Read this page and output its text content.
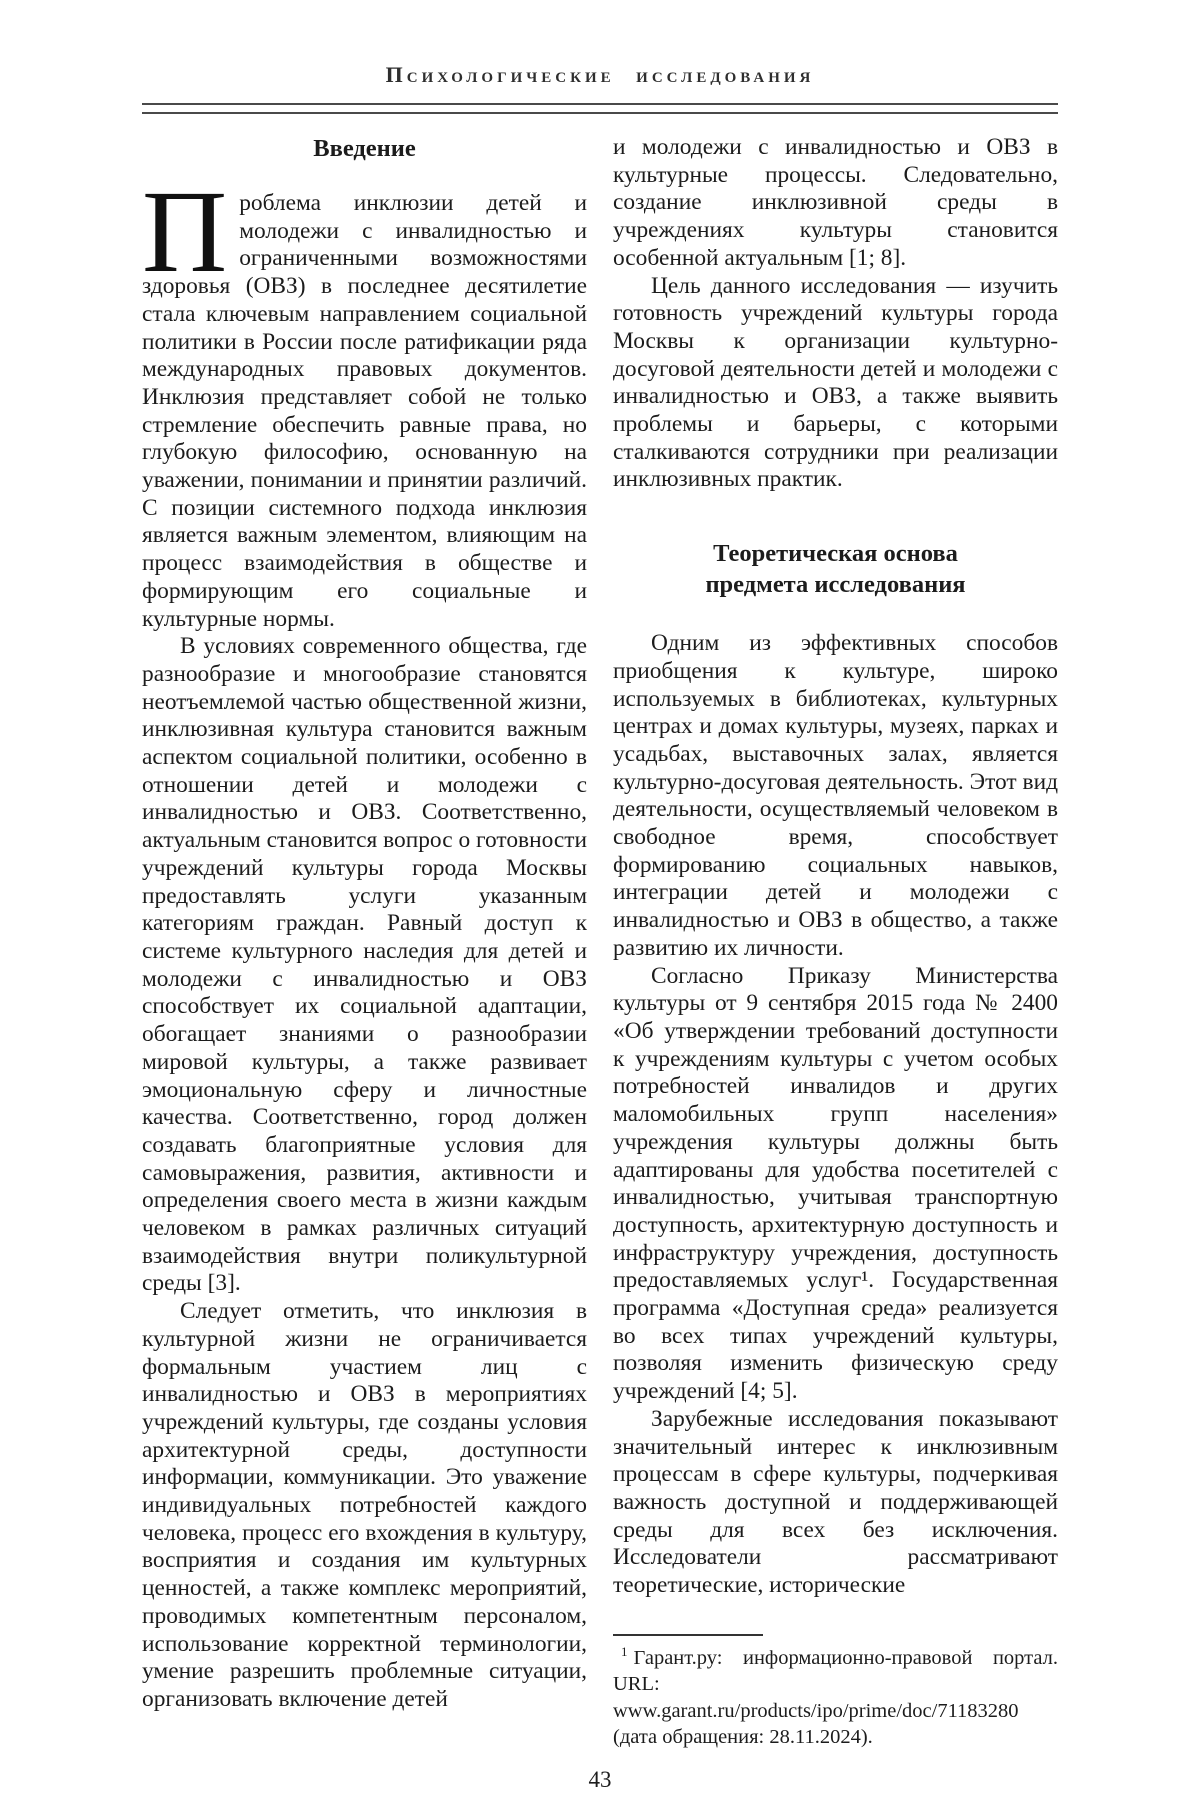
Психологические исследования
Введение

Проблема инклюзии детей и молодежи с инвалидностью и ограниченными возможностями здоровья (ОВЗ) в последнее десятилетие стала ключевым направлением социальной политики в России после ратификации ряда международных правовых документов. Инклюзия представляет собой не только стремление обеспечить равные права, но глубокую философию, основанную на уважении, понимании и принятии различий. С позиции системного подхода инклюзия является важным элементом, влияющим на процесс взаимодействия в обществе и формирующим его социальные и культурные нормы.

В условиях современного общества, где разнообразие и многообразие становятся неотъемлемой частью общественной жизни, инклюзивная культура становится важным аспектом социальной политики, особенно в отношении детей и молодежи с инвалидностью и ОВЗ. Соответственно, актуальным становится вопрос о готовности учреждений культуры города Москвы предоставлять услуги указанным категориям граждан. Равный доступ к системе культурного наследия для детей и молодежи с инвалидностью и ОВЗ способствует их социальной адаптации, обогащает знаниями о разнообразии мировой культуры, а также развивает эмоциональную сферу и личностные качества. Соответственно, город должен создавать благоприятные условия для самовыражения, развития, активности и определения своего места в жизни каждым человеком в рамках различных ситуаций взаимодействия внутри поликультурной среды [3].

Следует отметить, что инклюзия в культурной жизни не ограничивается формальным участием лиц с инвалидностью и ОВЗ в мероприятиях учреждений культуры, где созданы условия архитектурной среды, доступности информации, коммуникации. Это уважение индивидуальных потребностей каждого человека, процесс его вхождения в культуру, восприятия и создания им культурных ценностей, а также комплекс мероприятий, проводимых компетентным персоналом, использование корректной терминологии, умение разрешить проблемные ситуации, организовать включение детей

и молодежи с инвалидностью и ОВЗ в культурные процессы. Следовательно, создание инклюзивной среды в учреждениях культуры становится особенной актуальным [1; 8].

Цель данного исследования — изучить готовность учреждений культуры города Москвы к организации культурно-досуговой деятельности детей и молодежи с инвалидностью и ОВЗ, а также выявить проблемы и барьеры, с которыми сталкиваются сотрудники при реализации инклюзивных практик.

Теоретическая основа
предмета исследования

Одним из эффективных способов приобщения к культуре, широко используемых в библиотеках, культурных центрах и домах культуры, музеях, парках и усадьбах, выставочных залах, является культурно-досуговая деятельность. Этот вид деятельности, осуществляемый человеком в свободное время, способствует формированию социальных навыков, интеграции детей и молодежи с инвалидностью и ОВЗ в общество, а также развитию их личности.

Согласно Приказу Министерства культуры от 9 сентября 2015 года № 2400 «Об утверждении требований доступности к учреждениям культуры с учетом особых потребностей инвалидов и других маломобильных групп населения» учреждения культуры должны быть адаптированы для удобства посетителей с инвалидностью, учитывая транспортную доступность, архитектурную доступность и инфраструктуру учреждения, доступность предоставляемых услуг¹. Государственная программа «Доступная среда» реализуется во всех типах учреждений культуры, позволяя изменить физическую среду учреждений [4; 5].

Зарубежные исследования показывают значительный интерес к инклюзивным процессам в сфере культуры, подчеркивая важность доступной и поддерживающей среды для всех без исключения. Исследователи рассматривают теоретические, исторические

$^1$ Гарант.ру: информационно-правовой портал. URL: www.garant.ru/products/ipo/prime/doc/71183280 (дата обращения: 28.11.2024).

43
